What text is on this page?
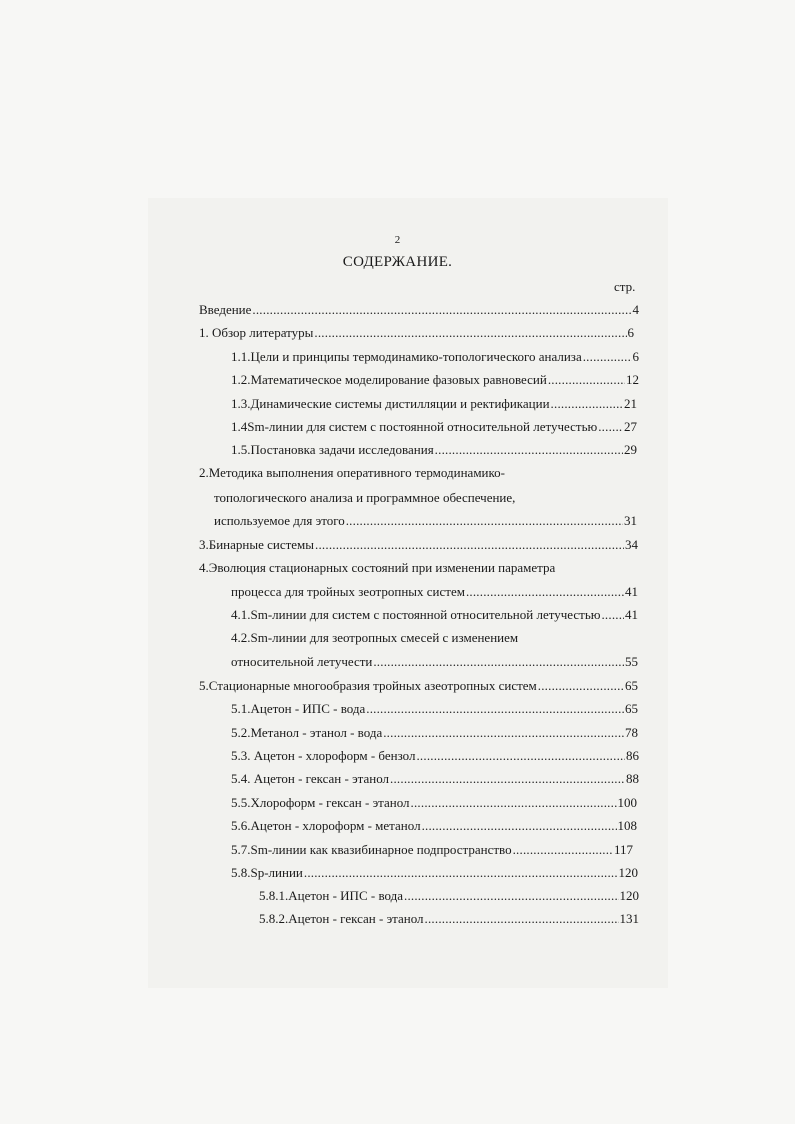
2
СОДЕРЖАНИЕ.
стр.
Введение .....	4
1. Обзор литературы .....	6
1.1.Цели и принципы термодинамико-топологического анализа .....	6
1.2.Математическое моделирование фазовых равновесий .....	12
1.3.Динамические системы дистилляции и ректификации .....	21
1.4Sm-линии для систем с постоянной относительной летучестью ..... 27
1.5.Постановка задачи исследования .....	29
2.Методика выполнения оперативного термодинамико-
топологического анализа и программное обеспечение,
используемое для этого .....	31
3.Бинарные системы .....	34
4.Эволюция стационарных состояний при изменении параметра
процесса для тройных зеотропных систем .....	41
4.1.Sm-линии для систем с постоянной относительной летучестью ..... 41
4.2.Sm-линии для зеотропных смесей с изменением
относительной летучести .....	55
5.Стационарные многообразия тройных азеотропных систем .....	65
5.1.Ацетон - ИПС - вода .....	65
5.2.Метанол - этанол - вода .....	78
5.3. Ацетон - хлороформ - бензол .....	86
5.4. Ацетон - гексан - этанол .....	88
5.5.Хлороформ - гексан - этанол .....	100
5.6.Ацетон - хлороформ - метанол .....	108
5.7.Sm-линии как квазибинарное подпространство .....	117
5.8.Sp-линии .....	120
5.8.1.Ацетон - ИПС - вода .....	120
5.8.2.Ацетон - гексан - этанол .....	131
